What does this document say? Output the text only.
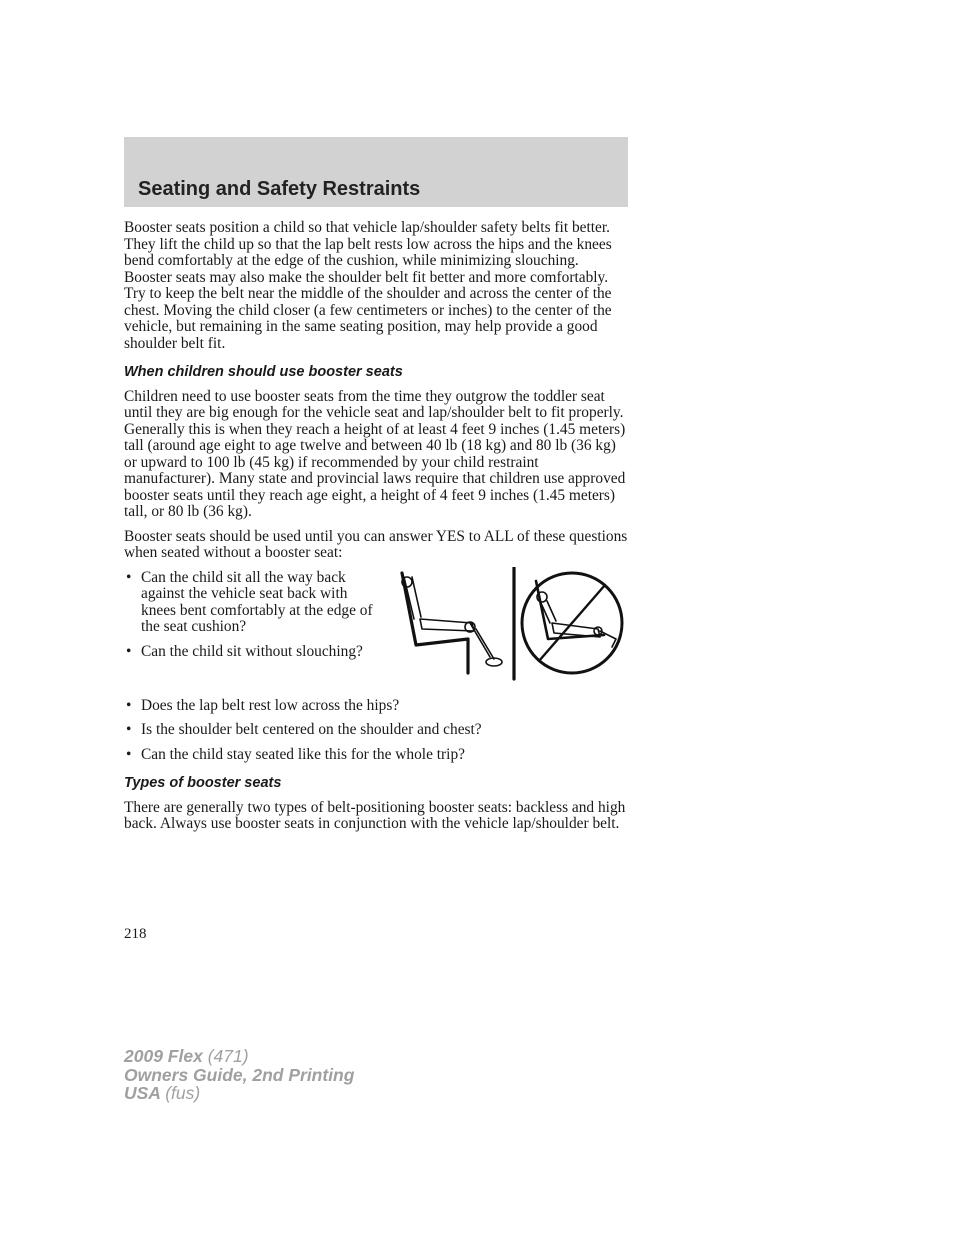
Seating and Safety Restraints

Booster seats position a child so that vehicle lap/shoulder safety belts fit better. They lift the child up so that the lap belt rests low across the hips and the knees bend comfortably at the edge of the cushion, while minimizing slouching. Booster seats may also make the shoulder belt fit better and more comfortably. Try to keep the belt near the middle of the shoulder and across the center of the chest. Moving the child closer (a few centimeters or inches) to the center of the vehicle, but remaining in the same seating position, may help provide a good shoulder belt fit.

When children should use booster seats

Children need to use booster seats from the time they outgrow the toddler seat until they are big enough for the vehicle seat and lap/shoulder belt to fit properly. Generally this is when they reach a height of at least 4 feet 9 inches (1.45 meters) tall (around age eight to age twelve and between 40 lb (18 kg) and 80 lb (36 kg) or upward to 100 lb (45 kg) if recommended by your child restraint manufacturer). Many state and provincial laws require that children use approved booster seats until they reach age eight, a height of 4 feet 9 inches (1.45 meters) tall, or 80 lb (36 kg).

Booster seats should be used until you can answer YES to ALL of these questions when seated without a booster seat:

• Can the child sit all the way back against the vehicle seat back with knees bent comfortably at the edge of the seat cushion?
• Can the child sit without slouching?
• Does the lap belt rest low across the hips?
• Is the shoulder belt centered on the shoulder and chest?
• Can the child stay seated like this for the whole trip?
Types of booster seats

There are generally two types of belt-positioning booster seats: backless and high back. Always use booster seats in conjunction with the vehicle lap/shoulder belt.

218
2009 Flex (471)
Owners Guide, 2nd Printing
USA (fus)
